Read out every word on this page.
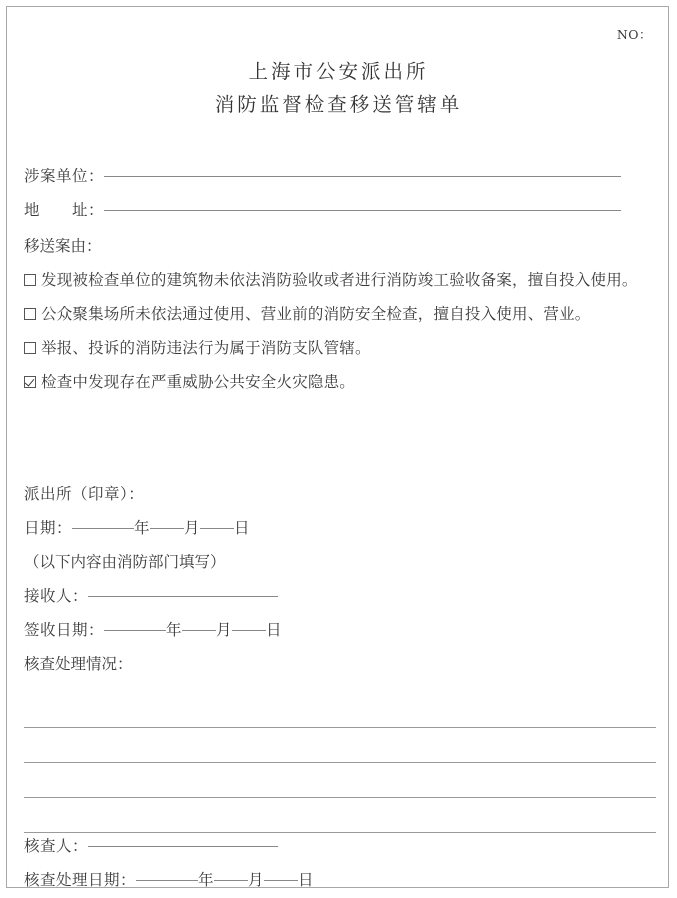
NO：
上海市公安派出所
消防监督检查移送管辖单
涉案单位：
地　　址：
移送案由：
发现被检查单位的建筑物未依法消防验收或者进行消防竣工验收备案，擅自投入使用。
公众聚集场所未依法通过使用、营业前的消防安全检查，擅自投入使用、营业。
举报、投诉的消防违法行为属于消防支队管辖。
检查中发现存在严重威胁公共安全火灾隐患。
派出所（印章）：
日期：	年 月 日
（以下内容由消防部门填写）
接收人：
签收日期：	年 月 日
核查处理情况：
核查人：
核查处理日期：	年 月 日
